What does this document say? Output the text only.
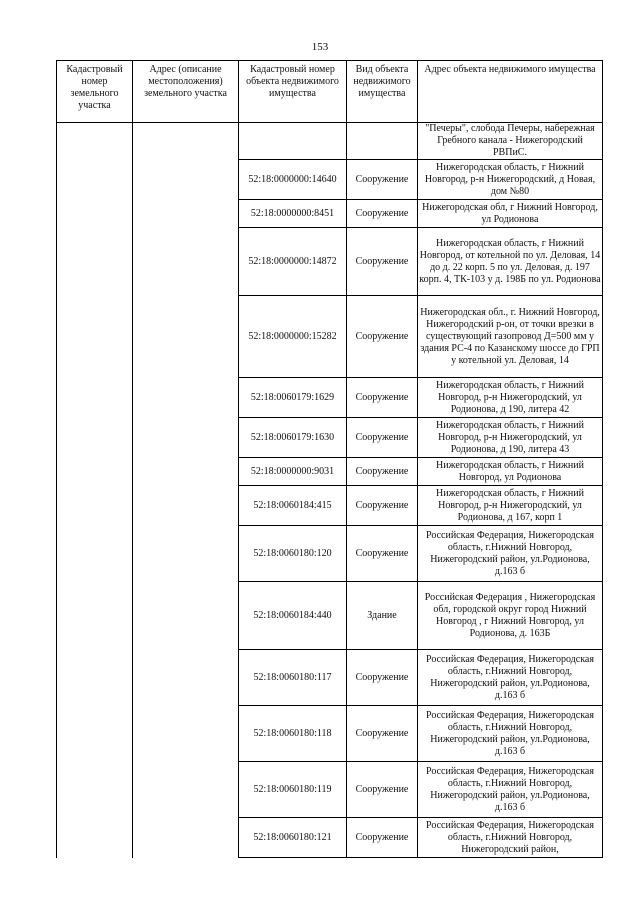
153
Кадастровый номер земельного участка	Адрес (описание местоположения) земельного участка	Кадастровый номер объекта недвижимого имущества	Вид объекта недвижимого имущества	Адрес объекта недвижимого имущества
				"Печеры", слобода Печеры, набережная Гребного канала - Нижегородский РВПиС.
		52:18:0000000:14640	Сооружение	Нижегородская область, г Нижний Новгород, р-н Нижегородский, д Новая, дом №80
		52:18:0000000:8451	Сооружение	Нижегородская обл, г Нижний Новгород, ул Родионова
		52:18:0000000:14872	Сооружение	Нижегородская область, г Нижний Новгород, от котельной по ул. Деловая, 14 до д. 22 корп. 5 по ул. Деловая, д. 197 корп. 4, ТК-103 у д. 198Б по ул. Родионова
		52:18:0000000:15282	Сооружение	Нижегородская обл., г. Нижний Новгород, Нижегородский р-он, от точки врезки в существующий газопровод Д=500 мм у здания РС-4 по Казанскому шоссе до ГРП у котельной ул. Деловая, 14
		52:18:0060179:1629	Сооружение	Нижегородская область, г Нижний Новгород, р-н Нижегородский, ул Родионова, д 190, литера 42
		52:18:0060179:1630	Сооружение	Нижегородская область, г Нижний Новгород, р-н Нижегородский, ул Родионова, д 190, литера 43
		52:18:0000000:9031	Сооружение	Нижегородская область, г Нижний Новгород, ул Родионова
		52:18:0060184:415	Сооружение	Нижегородская область, г Нижний Новгород, р-н Нижегородский, ул Родионова, д 167, корп 1
		52:18:0060180:120	Сооружение	Российская Федерация, Нижегородская область, г.Нижний Новгород, Нижегородский район, ул.Родионова, д.163 б
		52:18:0060184:440	Здание	Российская Федерация , Нижегородская обл, городской округ город Нижний Новгород , г Нижний Новгород, ул Родионова, д. 163Б
		52:18:0060180:117	Сооружение	Российская Федерация, Нижегородская область, г.Нижний Новгород, Нижегородский район, ул.Родионова, д.163 б
		52:18:0060180:118	Сооружение	Российская Федерация, Нижегородская область, г.Нижний Новгород, Нижегородский район, ул.Родионова, д.163 б
		52:18:0060180:119	Сооружение	Российская Федерация, Нижегородская область, г.Нижний Новгород, Нижегородский район, ул.Родионова, д.163 б
		52:18:0060180:121	Сооружение	Российская Федерация, Нижегородская область, г.Нижний Новгород, Нижегородский район,
